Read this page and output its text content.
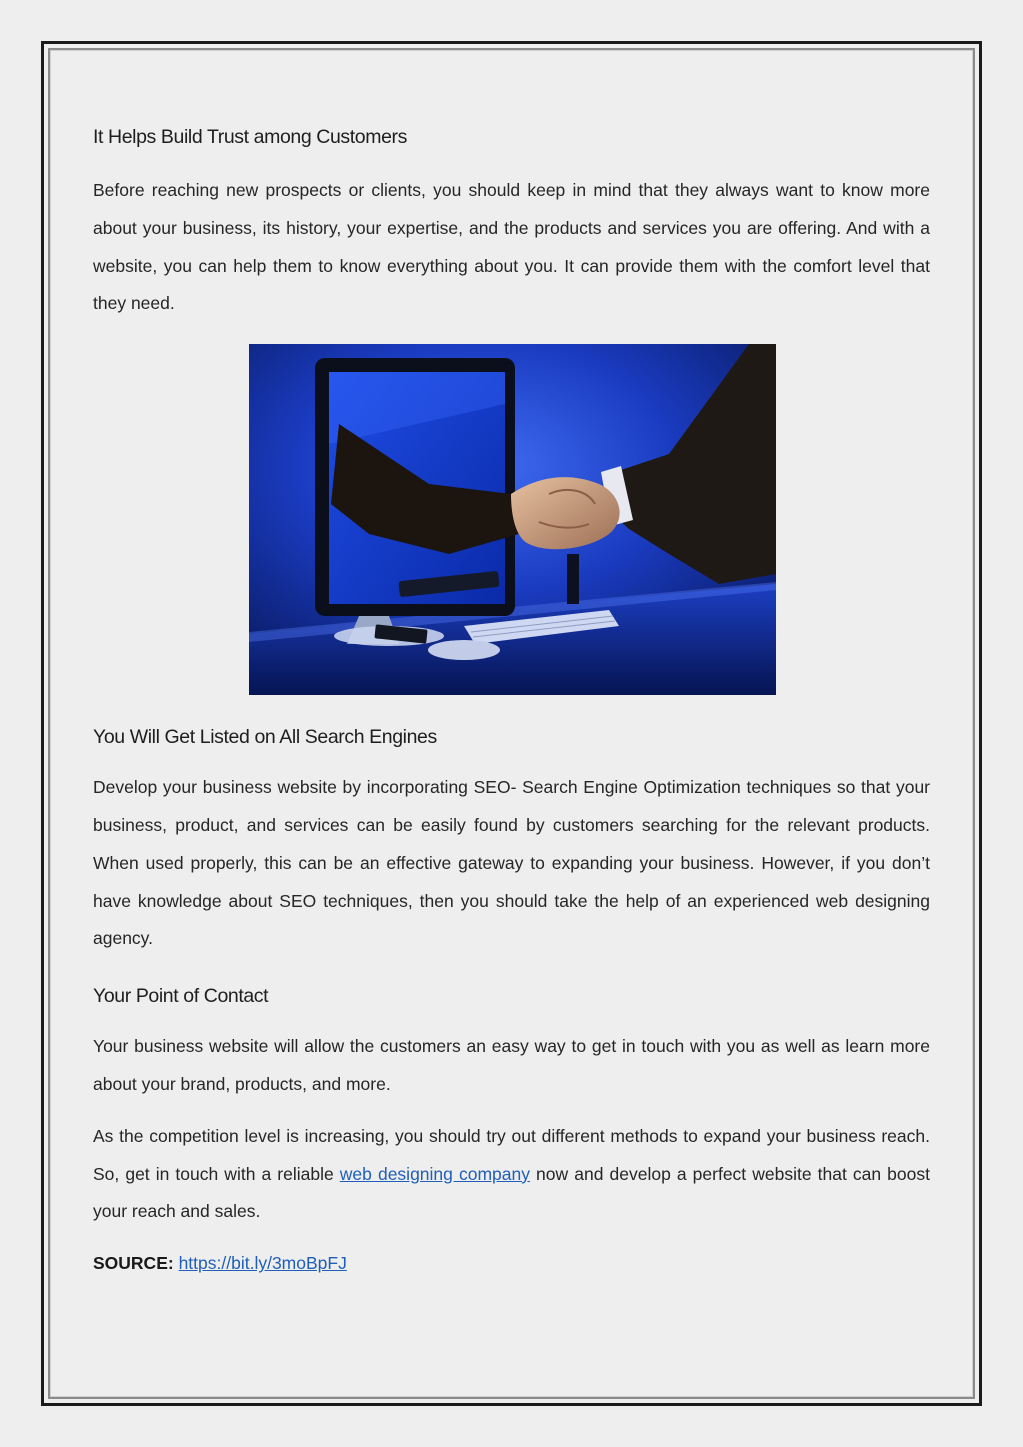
It Helps Build Trust among Customers

Before reaching new prospects or clients, you should keep in mind that they always want to know more about your business, its history, your expertise, and the products and services you are offering. And with a website, you can help them to know everything about you. It can provide them with the comfort level that they need.

You Will Get Listed on All Search Engines

Develop your business website by incorporating SEO- Search Engine Optimization techniques so that your business, product, and services can be easily found by customers searching for the relevant products. When used properly, this can be an effective gateway to expanding your business. However, if you don’t have knowledge about SEO techniques, then you should take the help of an experienced web designing agency.

Your Point of Contact

Your business website will allow the customers an easy way to get in touch with you as well as learn more about your brand, products, and more.

As the competition level is increasing, you should try out different methods to expand your business reach. So, get in touch with a reliable web designing company now and develop a perfect website that can boost your reach and sales.

SOURCE: https://bit.ly/3moBpFJ
